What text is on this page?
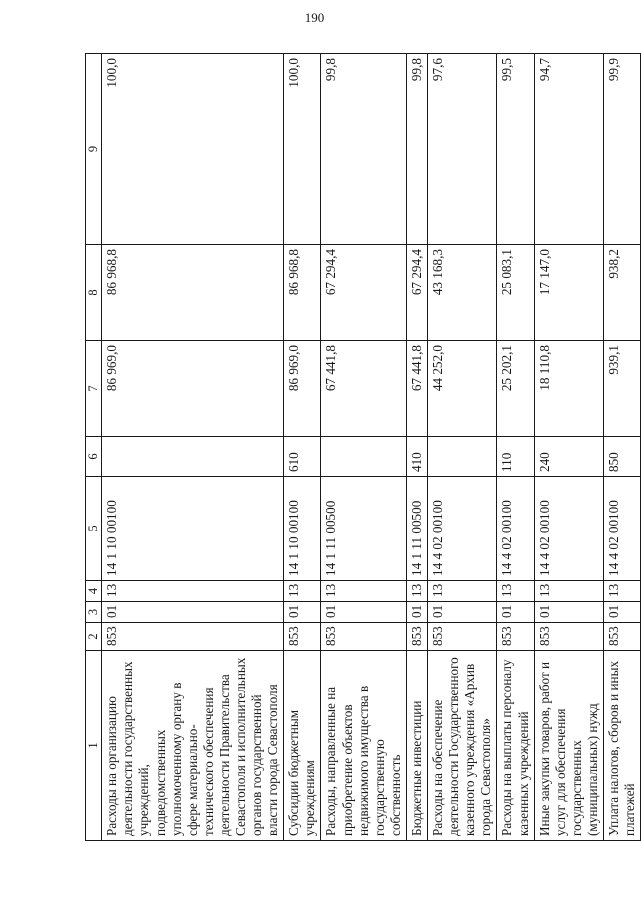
190
1	2	3	4	5	6	7	8	9
Расходы на организацию деятельности государственных учреждений, подведомственных уполномоченному органу в сфере материально-технического обеспечения деятельности Правительства Севастополя и исполнительных органов государственной власти города Севастополя	853	01	13	14 1 10 00100		86 969,0	86 968,8	100,0
Субсидии бюджетным учреждениям	853	01	13	14 1 10 00100	610	86 969,0	86 968,8	100,0
Расходы, направленные на приобретение объектов недвижимого имущества в государственную собственность	853	01	13	14 1 11 00500		67 441,8	67 294,4	99,8
Бюджетные инвестиции	853	01	13	14 1 11 00500	410	67 441,8	67 294,4	99,8
Расходы на обеспечение деятельности Государственного казенного учреждения «Архив города Севастополя»	853	01	13	14 4 02 00100		44 252,0	43 168,3	97,6
Расходы на выплаты персоналу казенных учреждений	853	01	13	14 4 02 00100	110	25 202,1	25 083,1	99,5
Иные закупки товаров, работ и услуг для обеспечения государственных (муниципальных) нужд	853	01	13	14 4 02 00100	240	18 110,8	17 147,0	94,7
Уплата налогов, сборов и иных платежей	853	01	13	14 4 02 00100	850	939,1	938,2	99,9
